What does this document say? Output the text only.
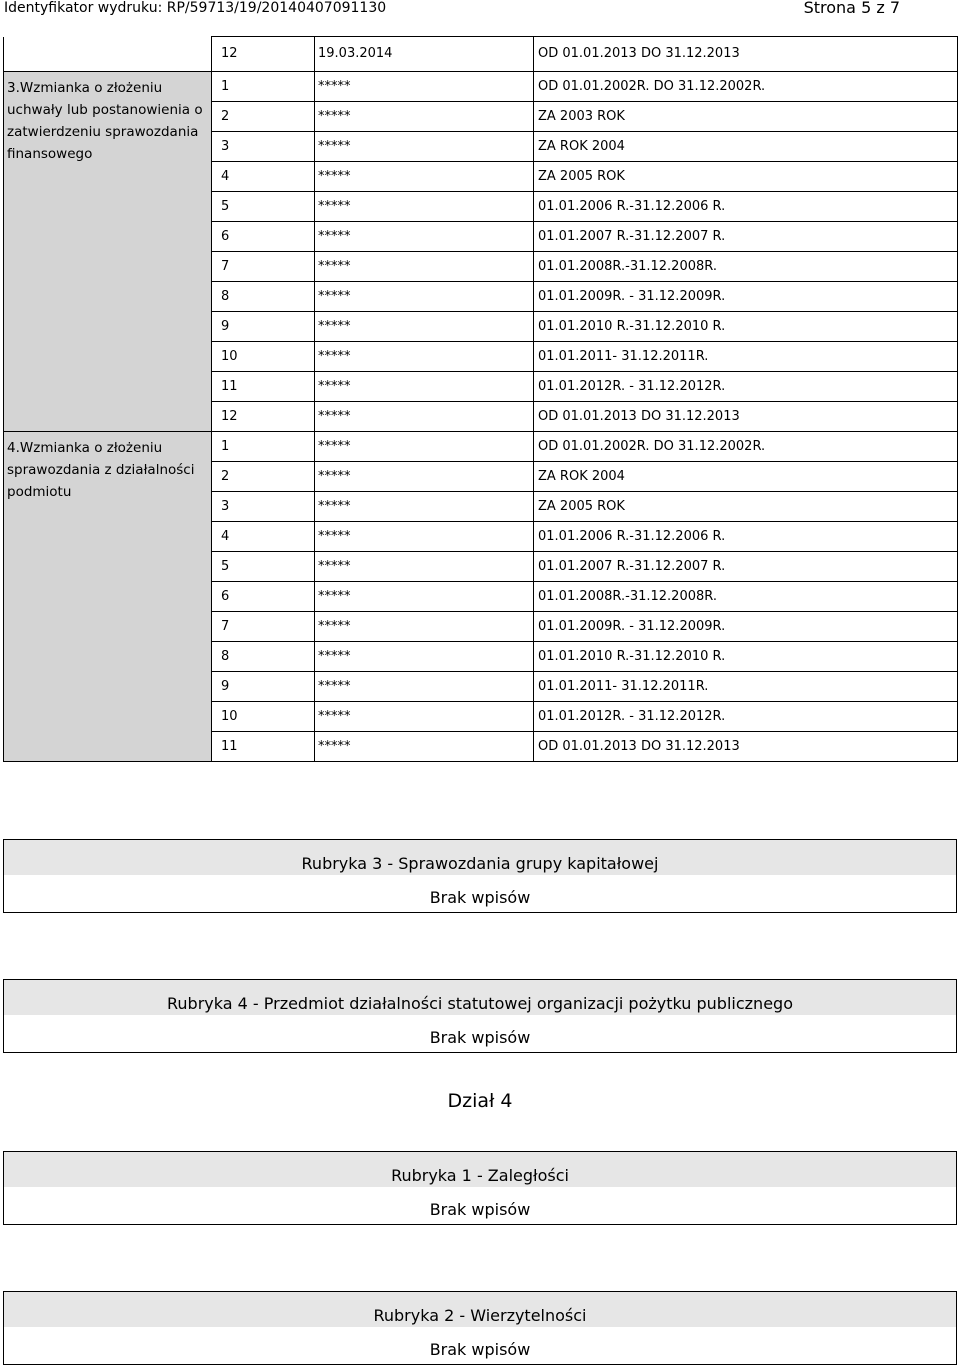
Identyfikator wydruku: RP/59713/19/20140407091130	Strona 5 z 7
	12	19.03.2014	OD 01.01.2013 DO 31.12.2013
3.Wzmianka o złożeniu uchwały lub postanowienia o zatwierdzeniu sprawozdania finansowego	1	*****	OD 01.01.2002R. DO 31.12.2002R.
	2	*****	ZA 2003 ROK
	3	*****	ZA ROK 2004
	4	*****	ZA 2005 ROK
	5	*****	01.01.2006 R.-31.12.2006 R.
	6	*****	01.01.2007 R.-31.12.2007 R.
	7	*****	01.01.2008R.-31.12.2008R.
	8	*****	01.01.2009R. - 31.12.2009R.
	9	*****	01.01.2010 R.-31.12.2010 R.
	10	*****	01.01.2011- 31.12.2011R.
	11	*****	01.01.2012R. - 31.12.2012R.
	12	*****	OD 01.01.2013 DO 31.12.2013
4.Wzmianka o złożeniu sprawozdania z działalności podmiotu	1	*****	OD 01.01.2002R. DO 31.12.2002R.
	2	*****	ZA ROK 2004
	3	*****	ZA 2005 ROK
	4	*****	01.01.2006 R.-31.12.2006 R.
	5	*****	01.01.2007 R.-31.12.2007 R.
	6	*****	01.01.2008R.-31.12.2008R.
	7	*****	01.01.2009R. - 31.12.2009R.
	8	*****	01.01.2010 R.-31.12.2010 R.
	9	*****	01.01.2011- 31.12.2011R.
	10	*****	01.01.2012R. - 31.12.2012R.
	11	*****	OD 01.01.2013 DO 31.12.2013
Rubryka 3 - Sprawozdania grupy kapitałowej
Brak wpisów
Rubryka 4 - Przedmiot działalności statutowej organizacji pożytku publicznego
Brak wpisów
Dział 4
Rubryka 1 - Zaległości
Brak wpisów
Rubryka 2 - Wierzytelności
Brak wpisów
